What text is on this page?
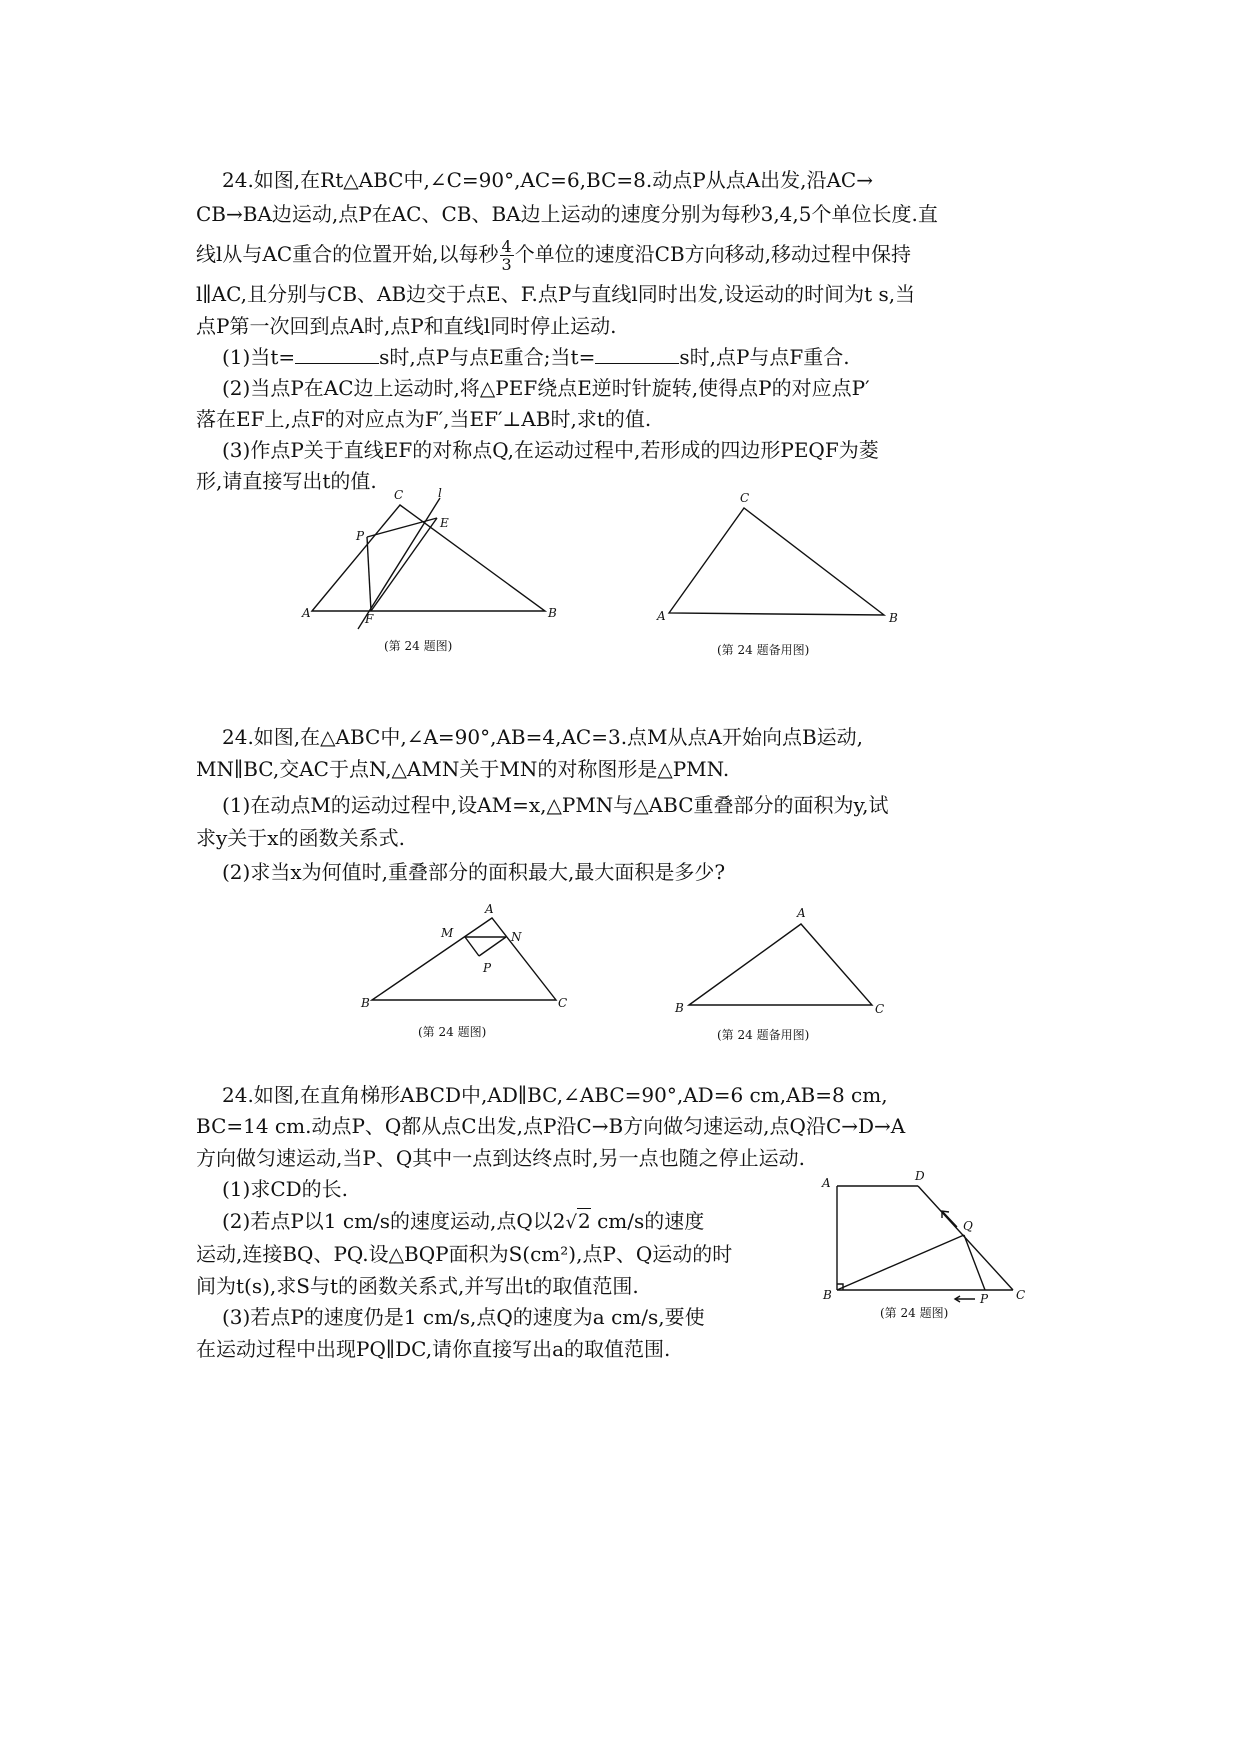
24.如图,在Rt△ABC中,∠C=90°,AC=6,BC=8.动点P从点A出发,沿AC→
CB→BA边运动,点P在AC、CB、BA边上运动的速度分别为每秒3,4,5个单位长度.直
线l从与AC重合的位置开始,以每秒 $\frac{4}{3}$ 个单位的速度沿CB方向移动,移动过程中保持
l∥AC,且分别与CB、AB边交于点E、F.点P与直线l同时出发,设运动的时间为t s,当
点P第一次回到点A时,点P和直线l同时停止运动.
(1)当t=	s时,点P与点E重合;当t=	s时,点P与点F重合.
(2)当点P在AC边上运动时,将△PEF绕点E逆时针旋转,使得点P的对应点P′
落在EF上,点F的对应点为F′,当EF′⊥AB时,求t的值.
(3)作点P关于直线EF的对称点Q,在运动过程中,若形成的四边形PEQF为菱
形,请直接写出t的值.
C	l
E
P
A	F	B
C
A	B
(第 24 题图)	(第 24 题备用图)
24.如图,在△ABC中,∠A=90°,AB=4,AC=3.点M从点A开始向点B运动,
MN∥BC,交AC于点N,△AMN关于MN的对称图形是△PMN.
(1)在动点M的运动过程中,设AM=x,△PMN与△ABC重叠部分的面积为y,试
求y关于x的函数关系式.
(2)求当x为何值时,重叠部分的面积最大,最大面积是多少?
A
M	N
P
B	C
A
B	C
(第 24 题图)	(第 24 题备用图)
24.如图,在直角梯形ABCD中,AD∥BC,∠ABC=90°,AD=6 cm,AB=8 cm,
BC=14 cm.动点P、Q都从点C出发,点P沿C→B方向做匀速运动,点Q沿C→D→A
方向做匀速运动,当P、Q其中一点到达终点时,另一点也随之停止运动.
(1)求CD的长.
(2)若点P以1 cm/s的速度运动,点Q以2√2 cm/s的速度
运动,连接BQ、PQ.设△BQP面积为S(cm²),点P、Q运动的时
间为t(s),求S与t的函数关系式,并写出t的取值范围.
(3)若点P的速度仍是1 cm/s,点Q的速度为a cm/s,要使
在运动过程中出现PQ∥DC,请你直接写出a的取值范围.
A	D
Q
B	P C
(第 24 题图)
